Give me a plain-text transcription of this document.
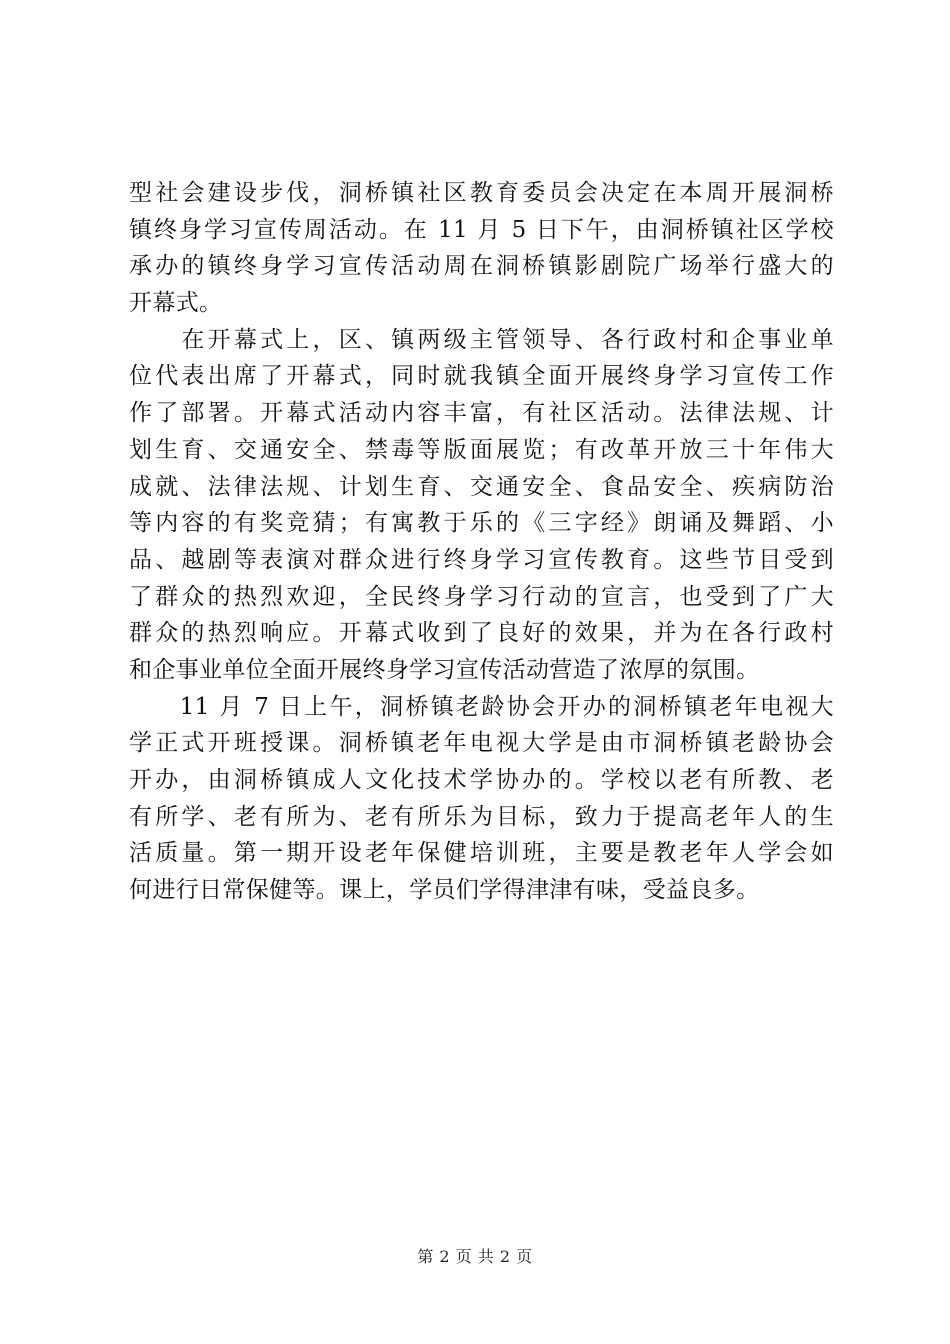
型社会建设步伐，洞桥镇社区教育委员会决定在本周开展洞桥
镇终身学习宣传周活动。在 11 月 5 日下午，由洞桥镇社区学校
承办的镇终身学习宣传活动周在洞桥镇影剧院广场举行盛大的
开幕式。
　　在开幕式上，区、镇两级主管领导、各行政村和企事业单
位代表出席了开幕式，同时就我镇全面开展终身学习宣传工作
作了部署。开幕式活动内容丰富，有社区活动。法律法规、计
划生育、交通安全、禁毒等版面展览；有改革开放三十年伟大
成就、法律法规、计划生育、交通安全、食品安全、疾病防治
等内容的有奖竞猜；有寓教于乐的《三字经》朗诵及舞蹈、小
品、越剧等表演对群众进行终身学习宣传教育。这些节目受到
了群众的热烈欢迎，全民终身学习行动的宣言，也受到了广大
群众的热烈响应。开幕式收到了良好的效果，并为在各行政村
和企事业单位全面开展终身学习宣传活动营造了浓厚的氛围。
　　11 月 7 日上午，洞桥镇老龄协会开办的洞桥镇老年电视大
学正式开班授课。洞桥镇老年电视大学是由市洞桥镇老龄协会
开办，由洞桥镇成人文化技术学协办的。学校以老有所教、老
有所学、老有所为、老有所乐为目标，致力于提高老年人的生
活质量。第一期开设老年保健培训班，主要是教老年人学会如
何进行日常保健等。课上，学员们学得津津有味，受益良多。
第 2 页 共 2 页
